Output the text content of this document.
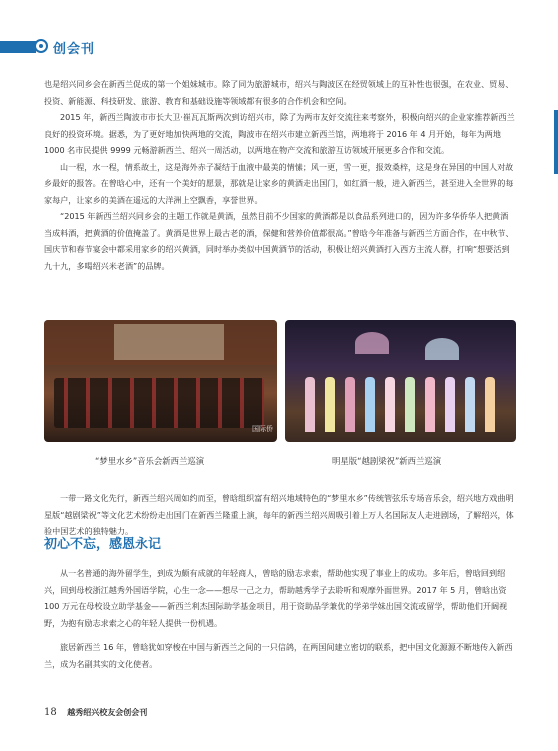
创会刊

也是绍兴同乡会在新西兰促成的第一个姐妹城市。除了同为旅游城市，绍兴与陶波区在经贸领域上的互补性也很强，在农业、贸易、投资、新能源、科技研发、旅游、教育和基础设施等领域都有很多的合作机会和空间。

2015 年，新西兰陶波市市长大卫·崔瓦瓦斯两次到访绍兴市，除了为两市友好交流往来考察外，积极向绍兴的企业家推荐新西兰良好的投资环境。据悉，为了更好地加快两地的交流，陶波市在绍兴市建立新西兰馆，两地将于 2016 年 4 月开始，每年为两地 1000 名市民提供 9999 元畅游新西兰、绍兴一周活动，以两地在物产交流和旅游互访领域开展更多合作和交流。

山一程，水一程，情系故土，这是海外赤子凝结于血液中最美的情愫；风一更，雪一更，报效桑梓，这是身在异国的中国人对故乡最好的报答。在曾晗心中，还有一个美好的愿景，那就是让家乡的黄酒走出国门，如红酒一般，进入新西兰，甚至进入全世界的每家每户，让家乡的美酒在遥远的大洋洲上空飘香，享誉世界。

“2015 年新西兰绍兴同乡会的主题工作就是黄酒，虽然目前不少国家的黄酒都是以食品系列进口的，因为许多华侨华人把黄酒当成料酒，把黄酒的价值掩盖了。黄酒是世界上最古老的酒，保健和营养价值都很高。”曾晗今年准备与新西兰方面合作，在中秋节、国庆节和春节宴会中都采用家乡的绍兴黄酒，同时举办类似中国黄酒节的活动，积极让绍兴黄酒打入西方主流人群，打响“想要活到九十九，多喝绍兴米老酒”的品牌。

国际侨
“梦里水乡”音乐会新西兰巡演	明星版“越剧梁祝”新西兰巡演

一带一路文化先行，新西兰绍兴周如约而至，曾晗组织富有绍兴地域特色的“梦里水乡”传统管弦乐专场音乐会，绍兴地方戏曲明星版“越剧梁祝”等文化艺术纷纷走出国门在新西兰隆重上演，每年的新西兰绍兴周吸引着上万人名国际友人走进剧场，了解绍兴，体验中国艺术的独特魅力。

初心不忘，感恩永记

从一名普通的海外留学生，到成为颇有成就的年轻商人，曾晗的励志求索，帮助他实现了事业上的成功。多年后，曾晗回到绍兴，回到母校浙江越秀外国语学院，心生一念——想尽一己之力，帮助越秀学子去聆听和观摩外面世界。2017 年 5 月，曾晗出资 100 万元在母校设立助学基金——新西兰利杰国际助学基金项目，用于资助品学兼优的学弟学妹出国交流或留学，帮助他们开阔视野，为抱有励志求索之心的年轻人提供一份机遇。

旅居新西兰 16 年，曾晗犹如穿梭在中国与新西兰之间的一只信鸽，在两国间建立密切的联系，把中国文化源源不断地传入新西兰，成为名副其实的文化使者。

18 越秀绍兴校友会创会刊
